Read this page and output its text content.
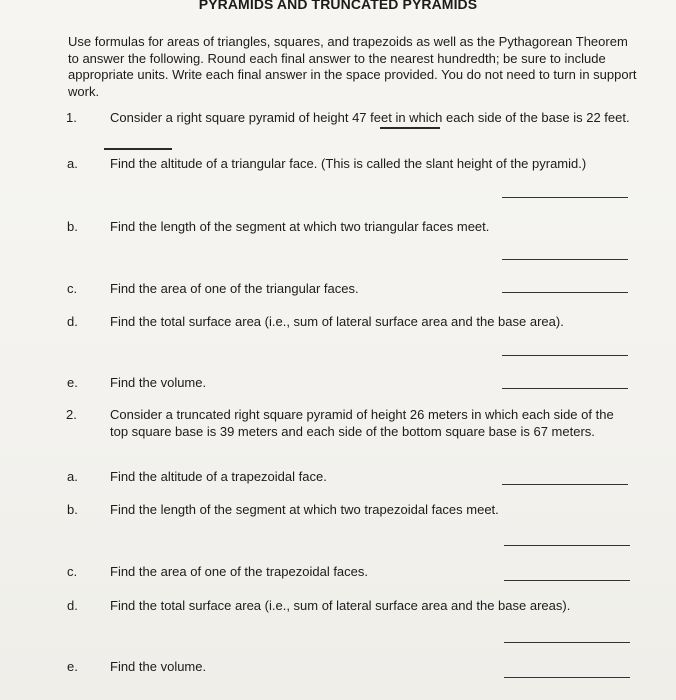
PYRAMIDS AND TRUNCATED PYRAMIDS
Use formulas for areas of triangles, squares, and trapezoids as well as the Pythagorean Theorem to answer the following. Round each final answer to the nearest hundredth; be sure to include appropriate units. Write each final answer in the space provided. You do not need to turn in support work.
1.	Consider a right square pyramid of height 47 feet in which each side of the base is 22 feet.
a. Find the altitude of a triangular face. (This is called the slant height of the pyramid.)
b. Find the length of the segment at which two triangular faces meet.
c.	Find the area of one of the triangular faces.
d. Find the total surface area (i.e., sum of lateral surface area and the base area).
e. Find the volume.
2.	Consider a truncated right square pyramid of height 26 meters in which each side of the top square base is 39 meters and each side of the bottom square base is 67 meters.
a. Find the altitude of a trapezoidal face.
b. Find the length of the segment at which two trapezoidal faces meet.
c.	Find the area of one of the trapezoidal faces.
d. Find the total surface area (i.e., sum of lateral surface area and the base areas).
e. Find the volume.
